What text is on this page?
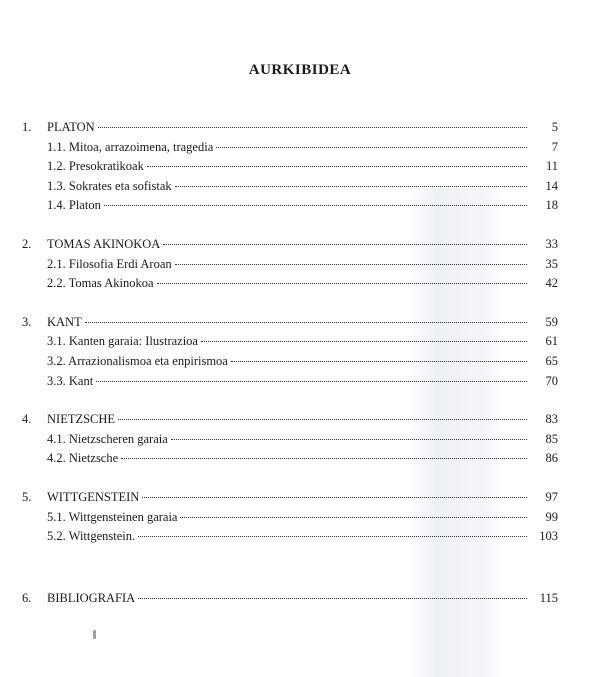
AURKIBIDEA
1.	PLATON	5
1.1. Mitoa, arrazoimena, tragedia	7
1.2. Presokratikoak	11
1.3. Sokrates eta sofistak	14
1.4. Platon	18
2.	TOMAS AKINOKOA	33
2.1. Filosofia Erdi Aroan	35
2.2. Tomas Akinokoa	42
3.	KANT	59
3.1. Kanten garaia: Ilustrazioa	61
3.2. Arrazionalismoa eta enpirismoa	65
3.3. Kant	70
4.	NIETZSCHE	83
4.1. Nietzscheren garaia	85
4.2. Nietzsche	86
5.	WITTGENSTEIN	97
5.1. Wittgensteinen garaia	99
5.2. Wittgenstein.	103
6.	BIBLIOGRAFIA	115
